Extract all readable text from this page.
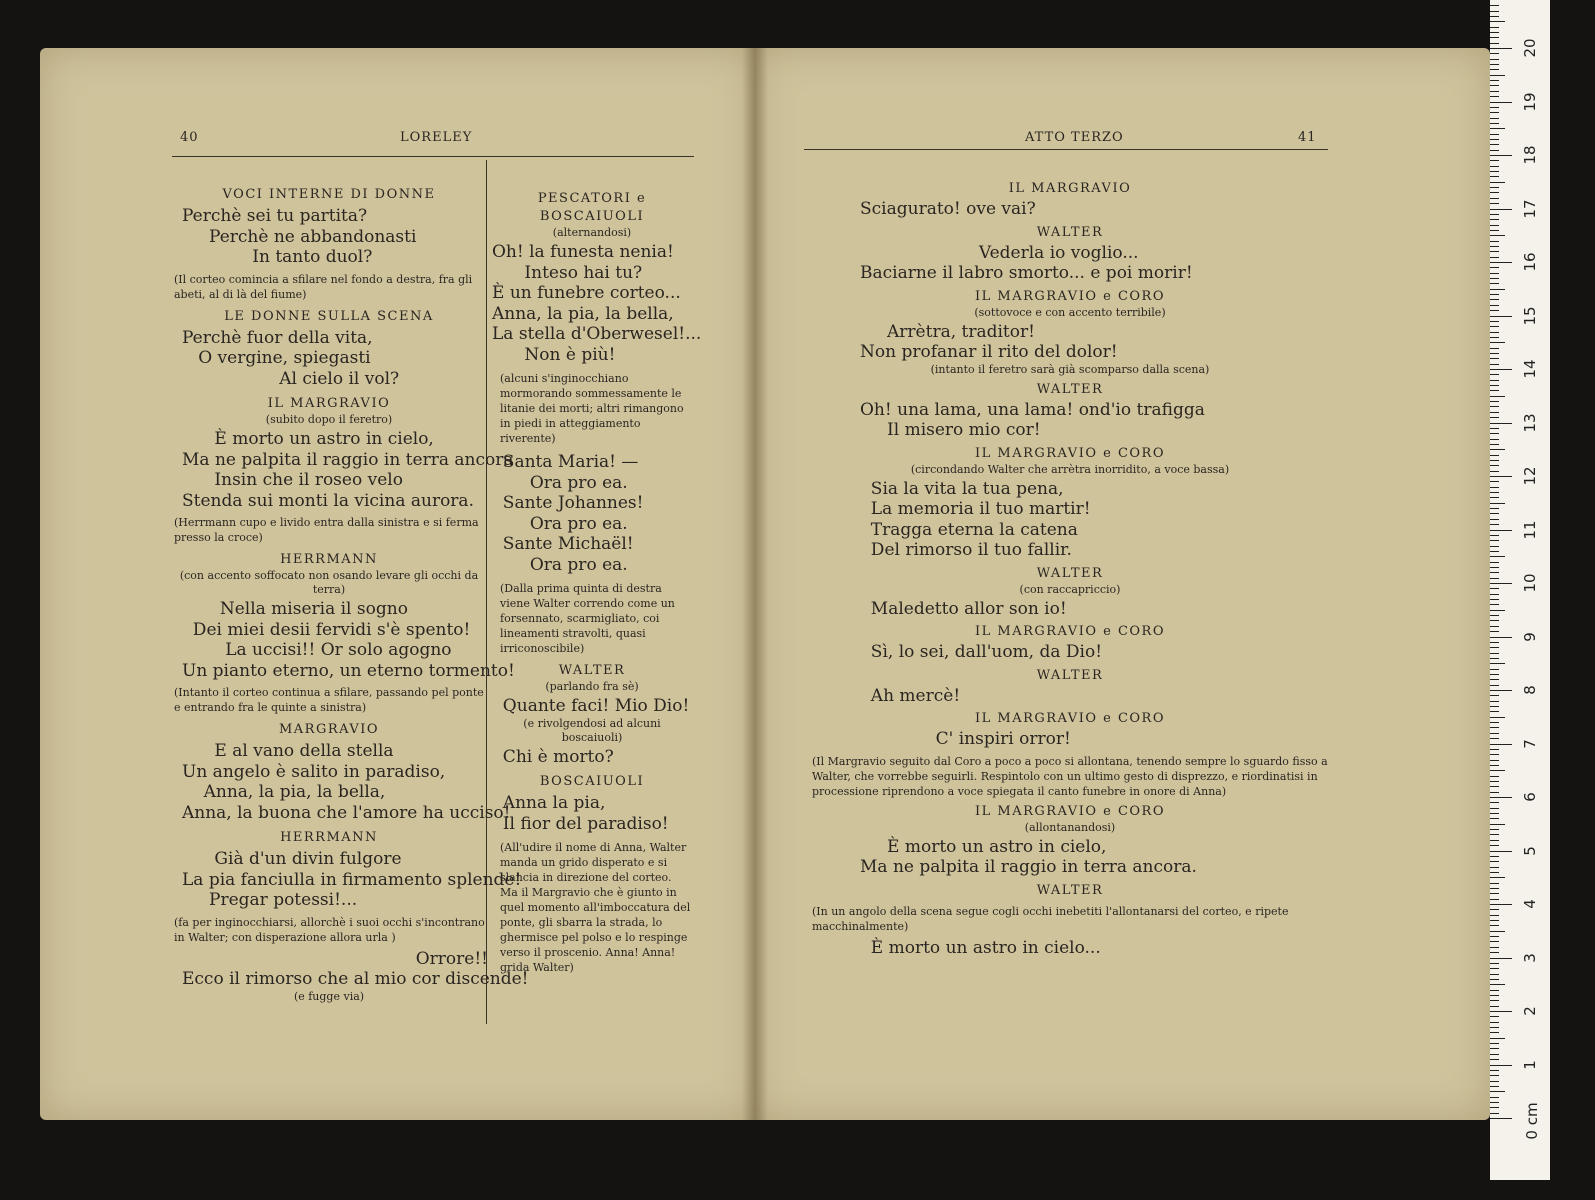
40	LORELEY
VOCI INTERNE DI DONNE
Perchè sei tu partita?
Perchè ne abbandonasti
In tanto duol?
(Il corteo comincia a sfilare nel fondo a destra, fra gli abeti, al di là del fiume)
LE DONNE SULLA SCENA
Perchè fuor della vita,
O vergine, spiegasti
Al cielo il vol?
IL MARGRAVIO
(subito dopo il feretro)
È morto un astro in cielo,
Ma ne palpita il raggio in terra ancora
Insin che il roseo velo
Stenda sui monti la vicina aurora.
(Herrmann cupo e livido entra dalla sinistra e si ferma presso la croce)
HERRMANN
(con accento soffocato non osando levare gli occhi da terra)
Nella miseria il sogno
Dei miei desii fervidi s'è spento!
La uccisi!! Or solo agogno
Un pianto eterno, un eterno tormento!
(Intanto il corteo continua a sfilare, passando pel ponte e entrando fra le quinte a sinistra)
MARGRAVIO
E al vano della stella
Un angelo è salito in paradiso,
Anna, la pia, la bella,
Anna, la buona che l'amore ha ucciso!
HERRMANN
Già d'un divin fulgore
La pia fanciulla in firmamento splende!
Pregar potessi!...
(fa per inginocchiarsi, allorchè i suoi occhi s'incontrano in Walter; con disperazione allora urla )
Orrore!!
Ecco il rimorso che al mio cor discende!
(e fugge via)
PESCATORI e BOSCAIUOLI
(alternandosi)
Oh! la funesta nenia!
Inteso hai tu?
È un funebre corteo...
Anna, la pia, la bella,
La stella d'Oberwesel!...
Non è più!
(alcuni s'inginocchiano mormorando sommessamente le litanie dei morti; altri rimangono in piedi in atteggiamento riverente)
Santa Maria! —
Ora pro ea.
Sante Johannes!
Ora pro ea.
Sante Michaël!
Ora pro ea.
(Dalla prima quinta di destra viene Walter correndo come un forsennato, scarmigliato, coi lineamenti stravolti, quasi irriconoscibile)
WALTER
(parlando fra sè)
Quante faci! Mio Dio!
(e rivolgendosi ad alcuni boscaiuoli)
Chi è morto?
BOSCAIUOLI
Anna la pia,
Il fior del paradiso!
(All'udire il nome di Anna, Walter manda un grido disperato e si slancia in direzione del corteo. Ma il Margravio che è giunto in quel momento all'imboccatura del ponte, gli sbarra la strada, lo ghermisce pel polso e lo respinge verso il proscenio. Anna! Anna! grida Walter)
ATTO TERZO	41
IL MARGRAVIO
Sciagurato! ove vai?
WALTER
Vederla io voglio...
Baciarne il labro smorto... e poi morir!
IL MARGRAVIO e CORO
(sottovoce e con accento terribile)
Arrètra, traditor!
Non profanar il rito del dolor!
(intanto il feretro sarà già scomparso dalla scena)
WALTER
Oh! una lama, una lama! ond'io trafigga
Il misero mio cor!
IL MARGRAVIO e CORO
(circondando Walter che arrètra inorridito, a voce bassa)
Sia la vita la tua pena,
La memoria il tuo martir!
Tragga eterna la catena
Del rimorso il tuo fallir.
WALTER
(con raccapriccio)
Maledetto allor son io!
IL MARGRAVIO e CORO
Sì, lo sei, dall'uom, da Dio!
WALTER
Ah mercè!
IL MARGRAVIO e CORO
C' inspiri orror!
(Il Margravio seguito dal Coro a poco a poco si allontana, tenendo sempre lo sguardo fisso a Walter, che vorrebbe seguirli. Respintolo con un ultimo gesto di disprezzo, e riordinatisi in processione riprendono a voce spiegata il canto funebre in onore di Anna)
IL MARGRAVIO e CORO
(allontanandosi)
È morto un astro in cielo,
Ma ne palpita il raggio in terra ancora.
WALTER
(In un angolo della scena segue cogli occhi inebetiti l'allontanarsi del corteo, e ripete macchinalmente)
È morto un astro in cielo...
0 cm
1
2
3
4
5
6
7
8
9
10
11
12
13
14
15
16
17
18
19
20
